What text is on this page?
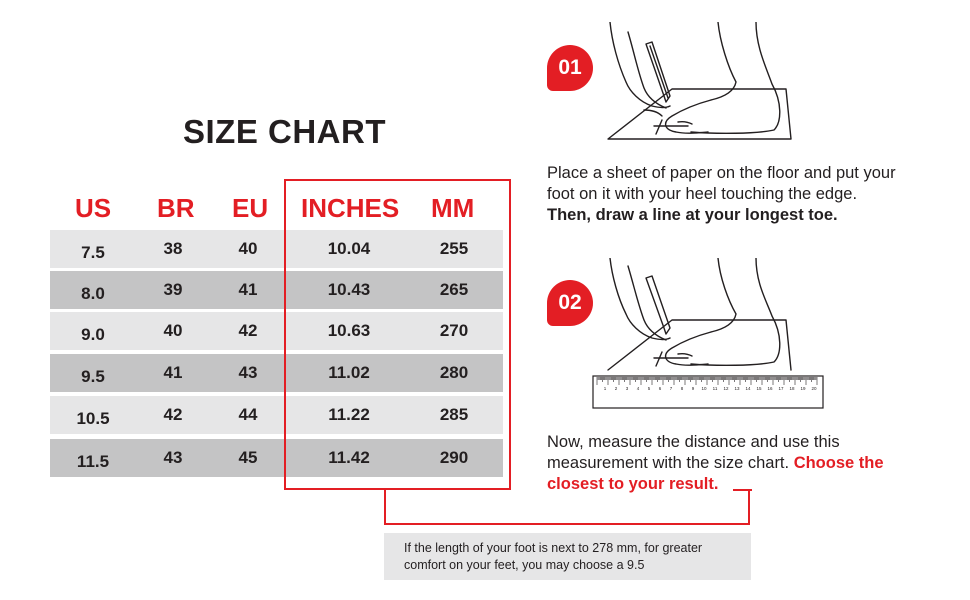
SIZE CHART
US BR EU INCHES MM
7.5	38	40	10.04	255
8.0	39	41	10.43	265
9.0	40	42	10.63	270
9.5	41	43	11.02	280
10.5	42	44	11.22	285
11.5	43	45	11.42	290
If the length of your foot is next to 278 mm, for greater
comfort on your feet, you may choose a 9.5
01
Place a sheet of paper on the floor and put your
foot on it with your heel touching the edge.
Then, draw a line at your longest toe.
02
1 2 3 4 5 6 7 8 9 10 11 12 13 14 15 16 17 18 19 20
Now, measure the distance and use this
measurement with the size chart. Choose the
closest to your result.
